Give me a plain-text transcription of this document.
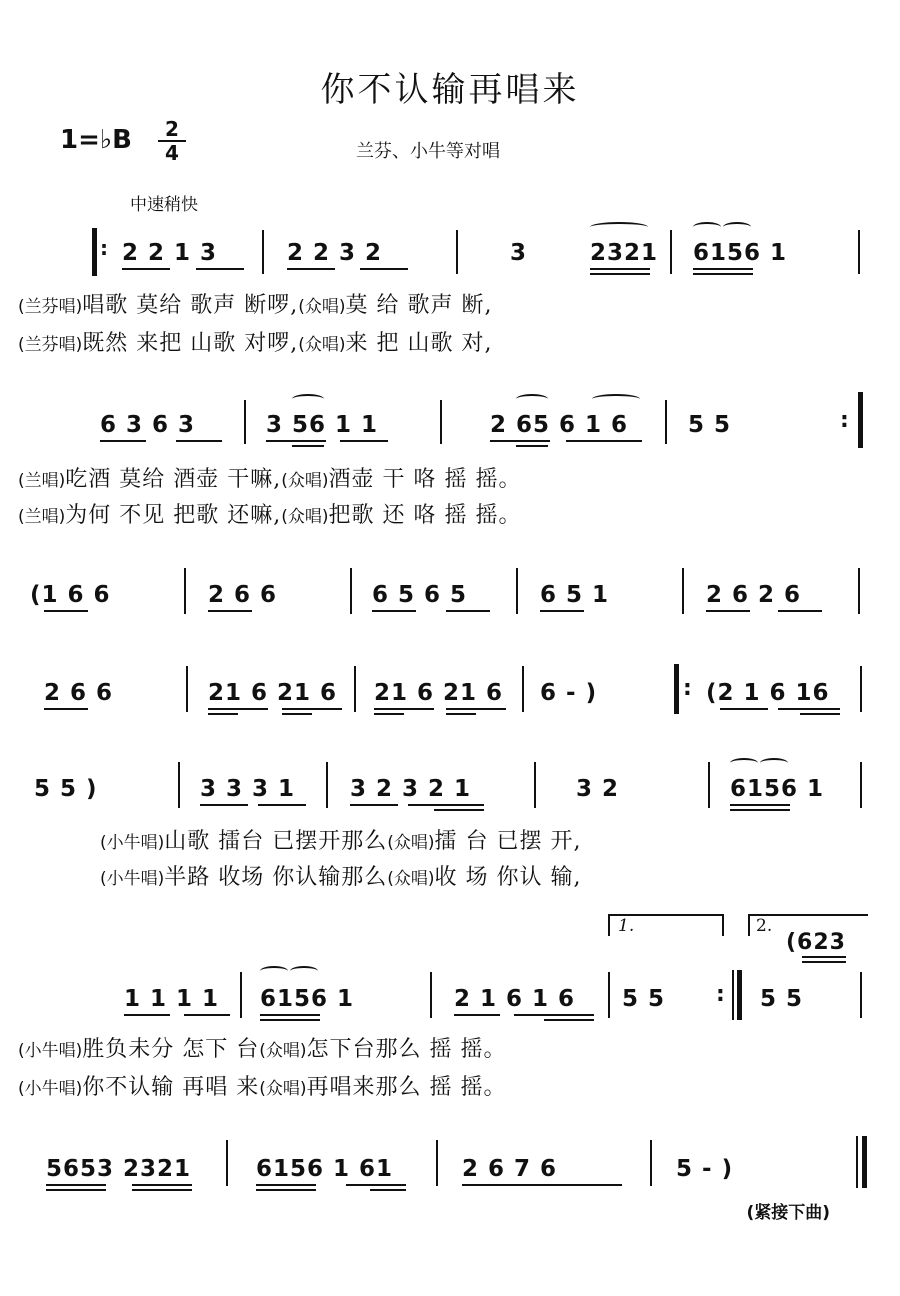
你不认输再唱来
1=♭B	2
4	兰芬、小牛等对唱
中速稍快
: 2 2 1 3	2 2 3 2	3	2321 6156 1
(兰芬唱)唱歌 莫给 歌声 断啰,(众唱)莫 给 歌声 断,
(兰芬唱)既然 来把 山歌 对啰,(众唱)来 把 山歌 对,
6 3 6 3	3 56 1 1	2 65 6 1 6	5 5	:
(兰唱)吃酒 莫给 酒壶 干嘛,(众唱)酒壶 干 咯 摇 摇。
(兰唱)为何 不见 把歌 还嘛,(众唱)把歌 还 咯 摇 摇。
(1 6 6	2 6 6	6 5 6 5	6 5 1	2 6 2 6
2 6 6	21 6 21 6 21 6 21 6 6 - )	: (2 1 6 16
5 5 )	3 3 3 1 3 2 3 2 1	3 2	6156 1
(小牛唱)山歌 擂台 已摆开那么(众唱)擂 台 已摆 开,
(小牛唱)半路 收场 你认输那么(众唱)收 场 你认 输,
1.	2.
1 1 1 1 6156 1	2 1 6 1 6 5 5 : 5 5
(623
(小牛唱)胜负未分 怎下 台(众唱)怎下台那么 摇 摇。
(小牛唱)你不认输 再唱 来(众唱)再唱来那么 摇 摇。
5653 2321	6156 1 61	2 6 7 6	5 - )
(紧接下曲)
